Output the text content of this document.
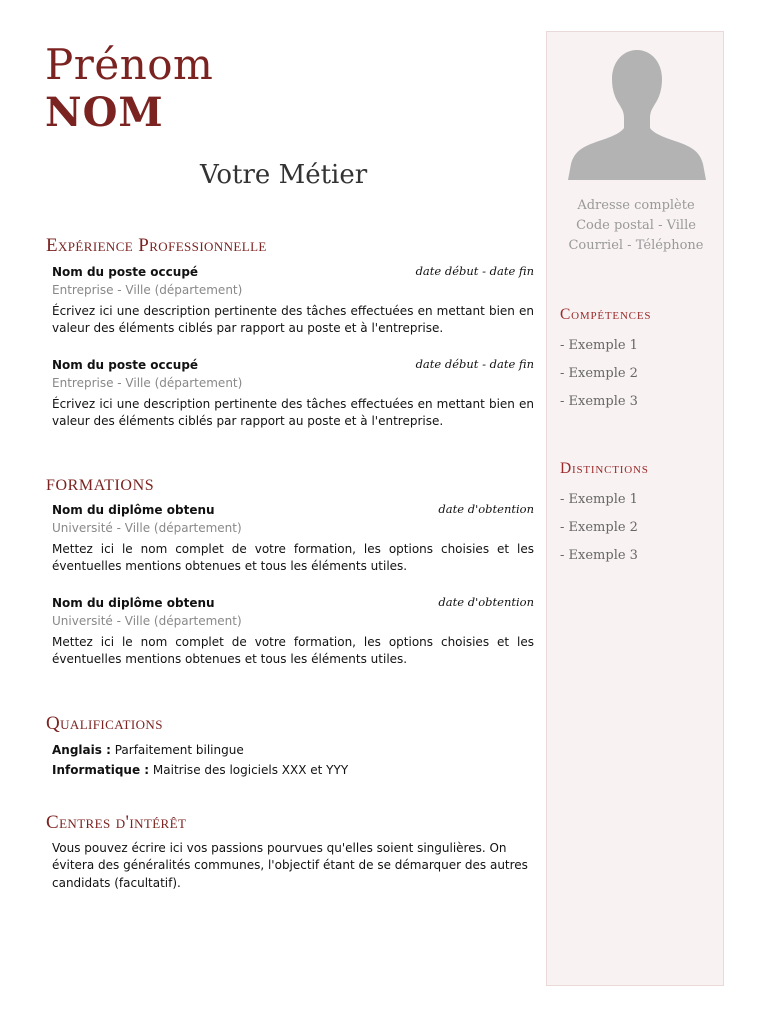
Prénom
NOM
Votre Métier
Expérience Professionnelle
Nom du poste occupé	date début - date fin
Entreprise - Ville (département)
Écrivez ici une description pertinente des tâches effectuées en mettant bien en valeur des éléments ciblés par rapport au poste et à l'entreprise.
Nom du poste occupé	date début - date fin
Entreprise - Ville (département)
Écrivez ici une description pertinente des tâches effectuées en mettant bien en valeur des éléments ciblés par rapport au poste et à l'entreprise.
FORMATIONS
Nom du diplôme obtenu	date d'obtention
Université - Ville (département)
Mettez ici le nom complet de votre formation, les options choisies et les éventuelles mentions obtenues et tous les éléments utiles.
Nom du diplôme obtenu	date d'obtention
Université - Ville (département)
Mettez ici le nom complet de votre formation, les options choisies et les éventuelles mentions obtenues et tous les éléments utiles.
Qualifications
Anglais : Parfaitement bilingue
Informatique : Maitrise des logiciels XXX et YYY
Centres d'intérêt
Vous pouvez écrire ici vos passions pourvues qu'elles soient singulières. On évitera des généralités communes, l'objectif étant de se démarquer des autres candidats (facultatif).
Adresse complète
Code postal - Ville
Courriel - Téléphone
Compétences
- Exemple 1
- Exemple 2
- Exemple 3
Distinctions
- Exemple 1
- Exemple 2
- Exemple 3
